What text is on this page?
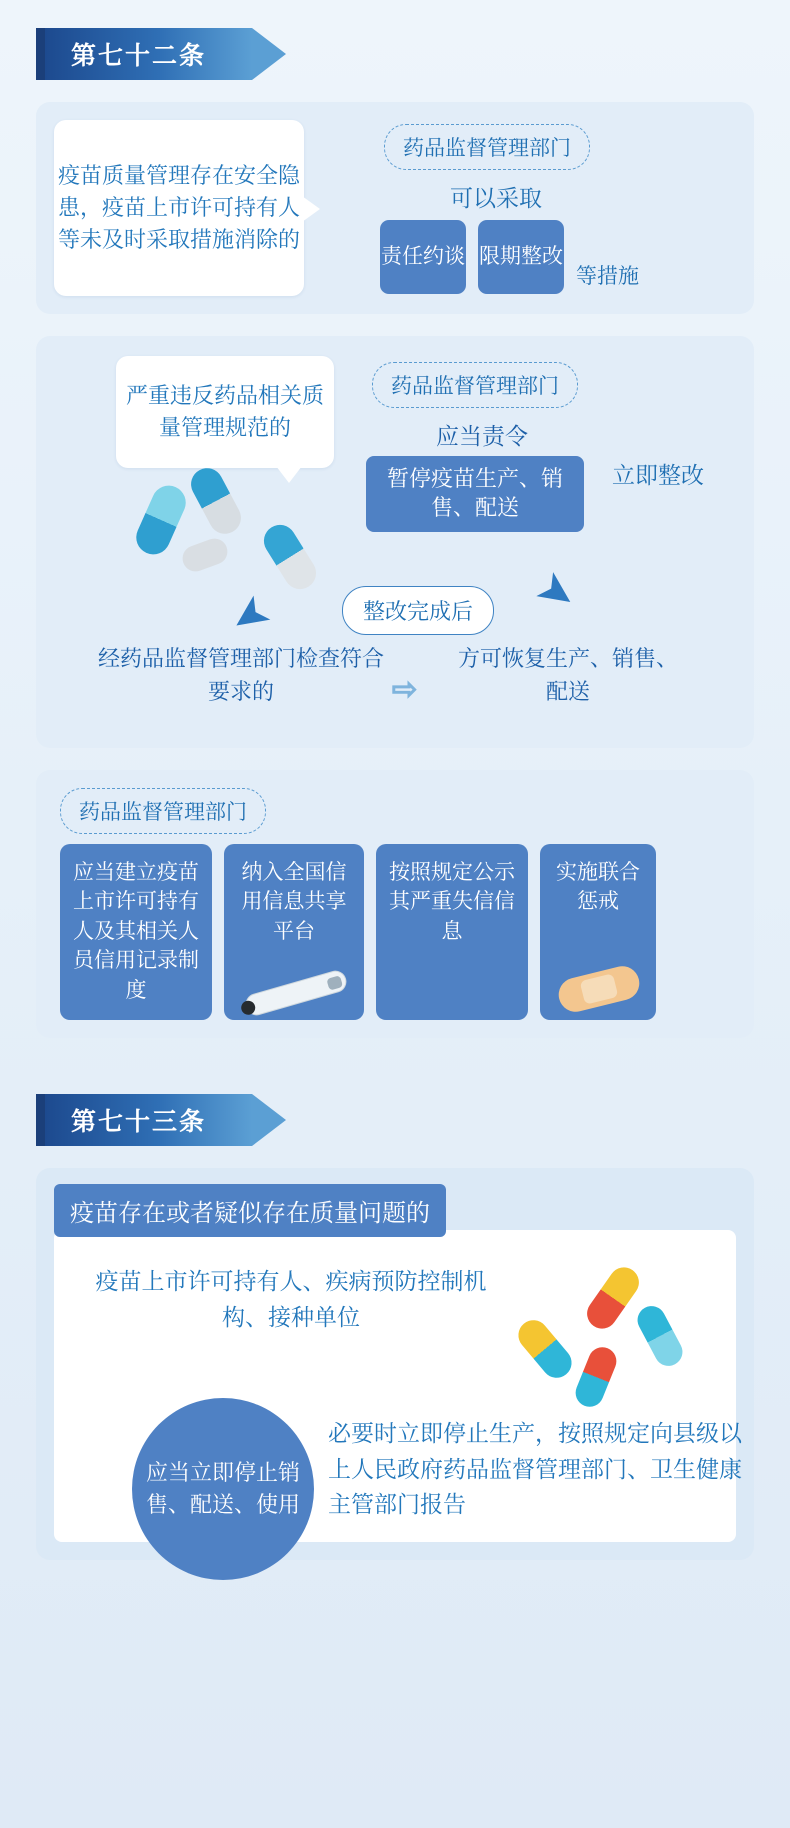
第七十二条
疫苗质量管理存在安全隐患，疫苗上市许可持有人等未及时采取措施消除的
药品监督管理部门
可以采取
责任约谈 限期整改
等措施
严重违反药品相关质量管理规范的
药品监督管理部门
应当责令
暂停疫苗生产、销售、配送
立即整改
➤
➤	整改完成后
经药品监督管理部门检查符合要求的	⇨
方可恢复生产、销售、配送
药品监督管理部门
应当建立疫苗上市许可持有人及其相关人员信用记录制度
纳入全国信用信息共享平台
按照规定公示其严重失信信息
实施联合惩戒
第七十三条
疫苗存在或者疑似存在质量问题的
疫苗上市许可持有人、疾病预防控制机构、接种单位
应当立即停止销售、配送、使用
必要时立即停止生产，按照规定向县级以上人民政府药品监督管理部门、卫生健康主管部门报告
